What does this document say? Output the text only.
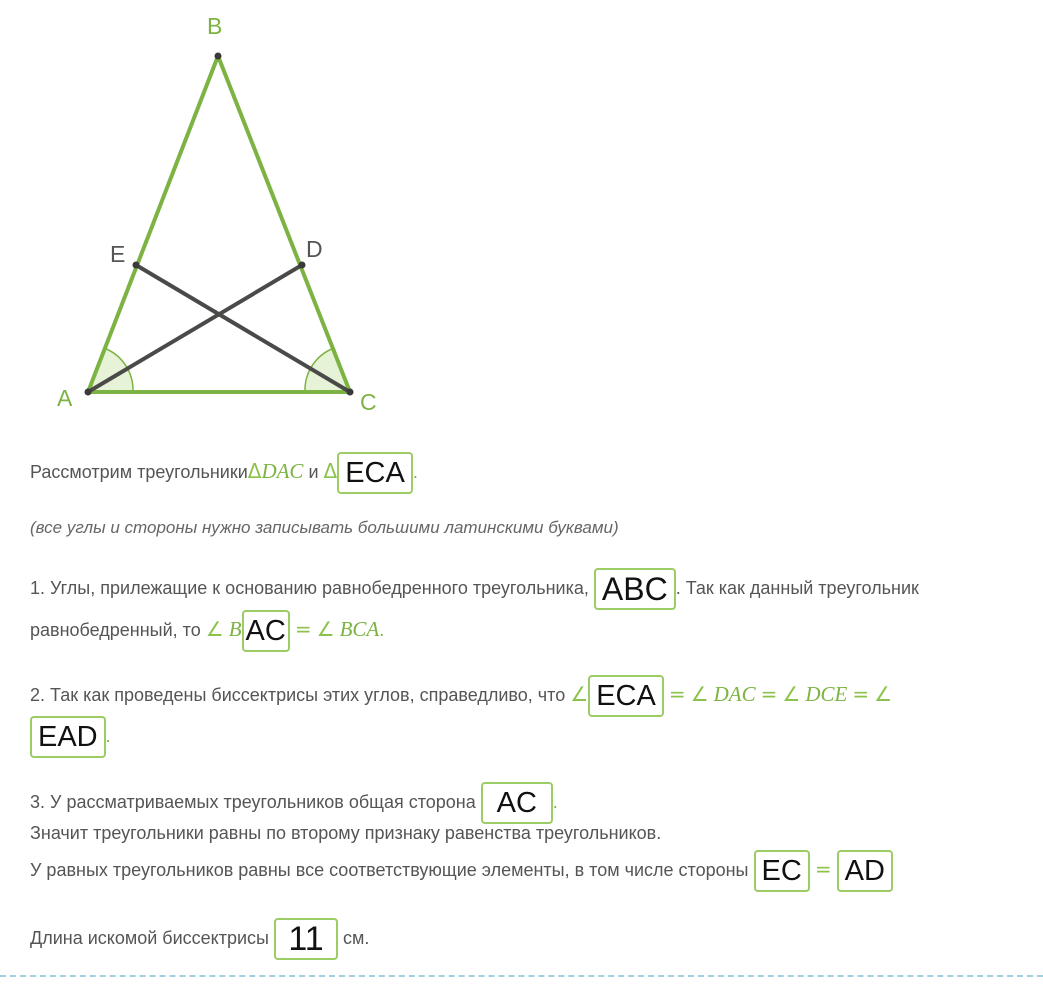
B
A	C
E	D
Рассмотрим треугольникиΔDAC и Δ ECA .
(все углы и стороны нужно записывать большими латинскими буквами)
1. Углы, прилежащие к основанию равнобедренного треугольника, ABC . Так как данный треугольник
равнобедренный, то ∠ B AC = ∠ BCA.
2. Так как проведены биссектрисы этих углов, справедливо, что ∠ ECA = ∠ DAC = ∠ DCE = ∠
EAD .
3. У рассматриваемых треугольников общая сторона AC .
Значит треугольники равны по второму признаку равенства треугольников.
У равных треугольников равны все соответствующие элементы, в том числе стороны EC = AD
Длина искомой биссектрисы 11 см.
